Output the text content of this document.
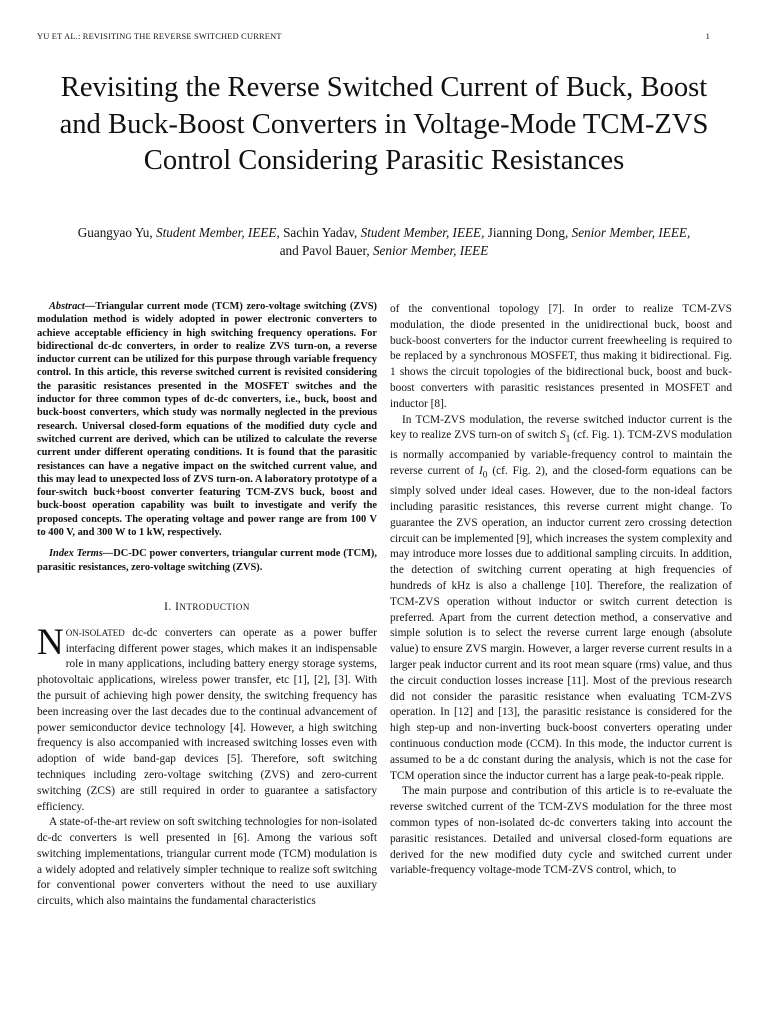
YU ET AL.: REVISITING THE REVERSE SWITCHED CURRENT	1
Revisiting the Reverse Switched Current of Buck, Boost and Buck-Boost Converters in Voltage-Mode TCM-ZVS Control Considering Parasitic Resistances
Guangyao Yu, Student Member, IEEE, Sachin Yadav, Student Member, IEEE, Jianning Dong, Senior Member, IEEE, and Pavol Bauer, Senior Member, IEEE

Abstract—Triangular current mode (TCM) zero-voltage switching (ZVS) modulation method is widely adopted in power electronic converters to achieve acceptable efficiency in high switching frequency operations. For bidirectional dc-dc converters, in order to realize ZVS turn-on, a reverse inductor current can be utilized for this purpose through variable frequency control. In this article, this reverse switched current is revisited considering the parasitic resistances presented in the MOSFET switches and the inductor for three common types of dc-dc converters, i.e., buck, boost and buck-boost converters, which study was normally neglected in the previous research. Universal closed-form equations of the modified duty cycle and switched current are derived, which can be utilized to calculate the reverse current under different operating conditions. It is found that the parasitic resistances can have a negative impact on the switched current value, and this may lead to unexpected loss of ZVS turn-on. A laboratory prototype of a four-switch buck+boost converter featuring TCM-ZVS buck, boost and buck-boost operation capability was built to investigate and verify the proposed concepts. The operating voltage and power range are from 100 V to 400 V, and 300 W to 1 kW, respectively.

Index Terms—DC-DC power converters, triangular current mode (TCM), parasitic resistances, zero-voltage switching (ZVS).

I. INTRODUCTION

NON-ISOLATED dc-dc converters can operate as a power buffer interfacing different power stages, which makes it an indispensable role in many applications, including battery energy storage systems, photovoltaic applications, wireless power transfer, etc [1], [2], [3]. With the pursuit of achieving high power density, the switching frequency has been increasing over the last decades due to the continual advancement of power semiconductor device technology [4]. However, a high switching frequency is also accompanied with increased switching losses even with adoption of wide band-gap devices [5]. Therefore, soft switching techniques including zero-voltage switching (ZVS) and zero-current switching (ZCS) are still required in order to guarantee a satisfactory efficiency.

A state-of-the-art review on soft switching technologies for non-isolated dc-dc converters is well presented in [6]. Among the various soft switching implementations, triangular current mode (TCM) modulation is a widely adopted and relatively simpler technique to realize soft switching for conventional power converters without the need to use auxiliary circuits, which also maintains the fundamental characteristics

of the conventional topology [7]. In order to realize TCM-ZVS modulation, the diode presented in the unidirectional buck, boost and buck-boost converters for the inductor current freewheeling is required to be replaced by a synchronous MOSFET, thus making it bidirectional. Fig. 1 shows the circuit topologies of the bidirectional buck, boost and buck-boost converters with parasitic resistances presented in MOSFET and inductor [8].

In TCM-ZVS modulation, the reverse switched inductor current is the key to realize ZVS turn-on of switch $S_1$ (cf. Fig. 1). TCM-ZVS modulation is normally accompanied by variable-frequency control to maintain the reverse current of $I_0$ (cf. Fig. 2), and the closed-form equations can be simply solved under ideal cases. However, due to the non-ideal factors including parasitic resistances, this reverse current might change. To guarantee the ZVS operation, an inductor current zero crossing detection circuit can be implemented [9], which increases the system complexity and may introduce more losses due to additional sampling circuits. In addition, the detection of switching current operating at high frequencies of hundreds of kHz is also a challenge [10]. Therefore, the realization of TCM-ZVS operation without inductor or switch current detection is preferred. Apart from the current detection method, a conservative and simple solution is to select the reverse current large enough (absolute value) to ensure ZVS margin. However, a larger reverse current results in a larger peak inductor current and its root mean square (rms) value, and thus the circuit conduction losses increase [11]. Most of the previous research did not consider the parasitic resistance when evaluating TCM-ZVS operation. In [12] and [13], the parasitic resistance is considered for the high step-up and non-inverting buck-boost converters operating under continuous conduction mode (CCM). In this mode, the inductor current is assumed to be a dc constant during the analysis, which is not the case for TCM operation since the inductor current has a large peak-to-peak ripple.

The main purpose and contribution of this article is to re-evaluate the reverse switched current of the TCM-ZVS modulation for the three most common types of non-isolated dc-dc converters taking into account the parasitic resistances. Detailed and universal closed-form equations are derived for the new modified duty cycle and switched current under variable-frequency voltage-mode TCM-ZVS control, which, to
